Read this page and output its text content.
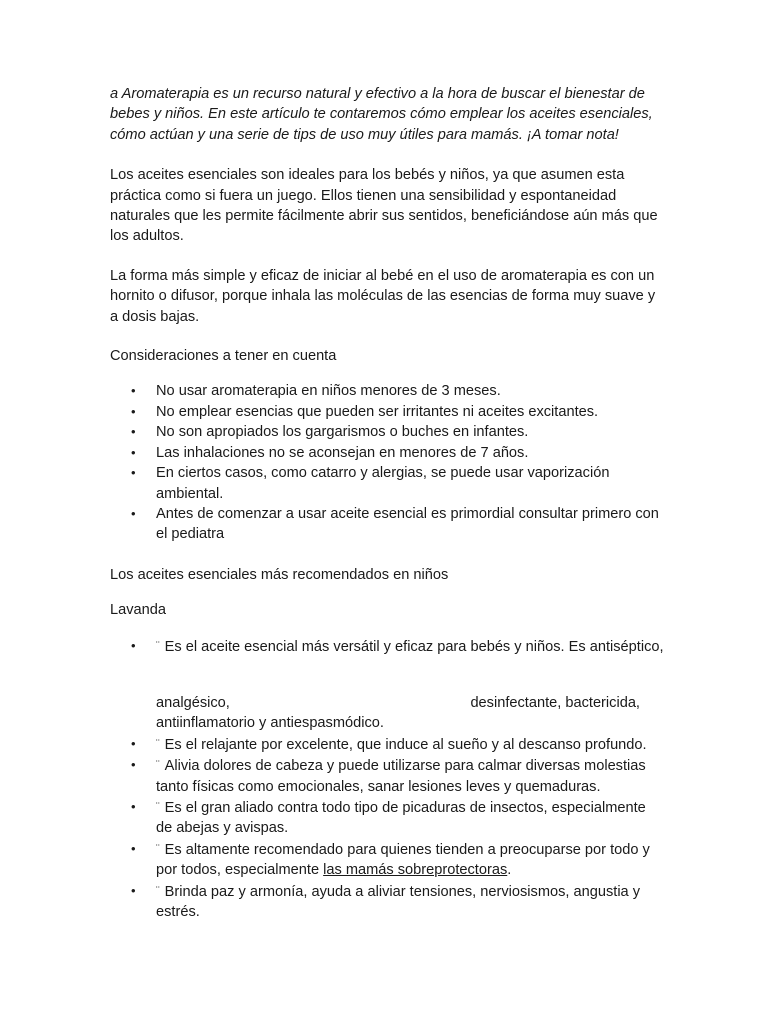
a Aromaterapia es un recurso natural y efectivo a la hora de buscar el bienestar de bebes y niños. En este artículo te contaremos cómo emplear los aceites esenciales, cómo actúan y una serie de tips de uso muy útiles para mamás. ¡A tomar nota!

Los aceites esenciales son ideales para los bebés y niños, ya que asumen esta práctica como si fuera un juego. Ellos tienen una sensibilidad y espontaneidad naturales que les permite fácilmente abrir sus sentidos, beneficiándose aún más que los adultos.

La forma más simple y eficaz de iniciar al bebé en el uso de aromaterapia es con un hornito o difusor, porque inhala las moléculas de las esencias de forma muy suave y a dosis bajas.

Consideraciones a tener en cuenta

• No usar aromaterapia en niños menores de 3 meses.
• No emplear esencias que pueden ser irritantes ni aceites excitantes.
• No son apropiados los gargarismos o buches en infantes.
• Las inhalaciones no se aconsejan en menores de 7 años.
• En ciertos casos, como catarro y alergias, se puede usar vaporización ambiental.
• Antes de comenzar a usar aceite esencial es primordial consultar primero con el pediatra

Los aceites esenciales más recomendados en niños

Lavanda

• ¨ Es el aceite esencial más versátil y eficaz para bebés y niños. Es antiséptico,
analgésico,	desinfectante, bactericida,
antiinflamatorio y antiespasmódico.
• ¨ Es el relajante por excelente, que induce al sueño y al descanso profundo.
• ¨ Alivia dolores de cabeza y puede utilizarse para calmar diversas molestias tanto físicas como emocionales, sanar lesiones leves y quemaduras.
• ¨ Es el gran aliado contra todo tipo de picaduras de insectos, especialmente de abejas y avispas.
• ¨ Es altamente recomendado para quienes tienden a preocuparse por todo y por todos, especialmente las mamás sobreprotectoras.
• ¨ Brinda paz y armonía, ayuda a aliviar tensiones, nerviosismos, angustia y estrés.
